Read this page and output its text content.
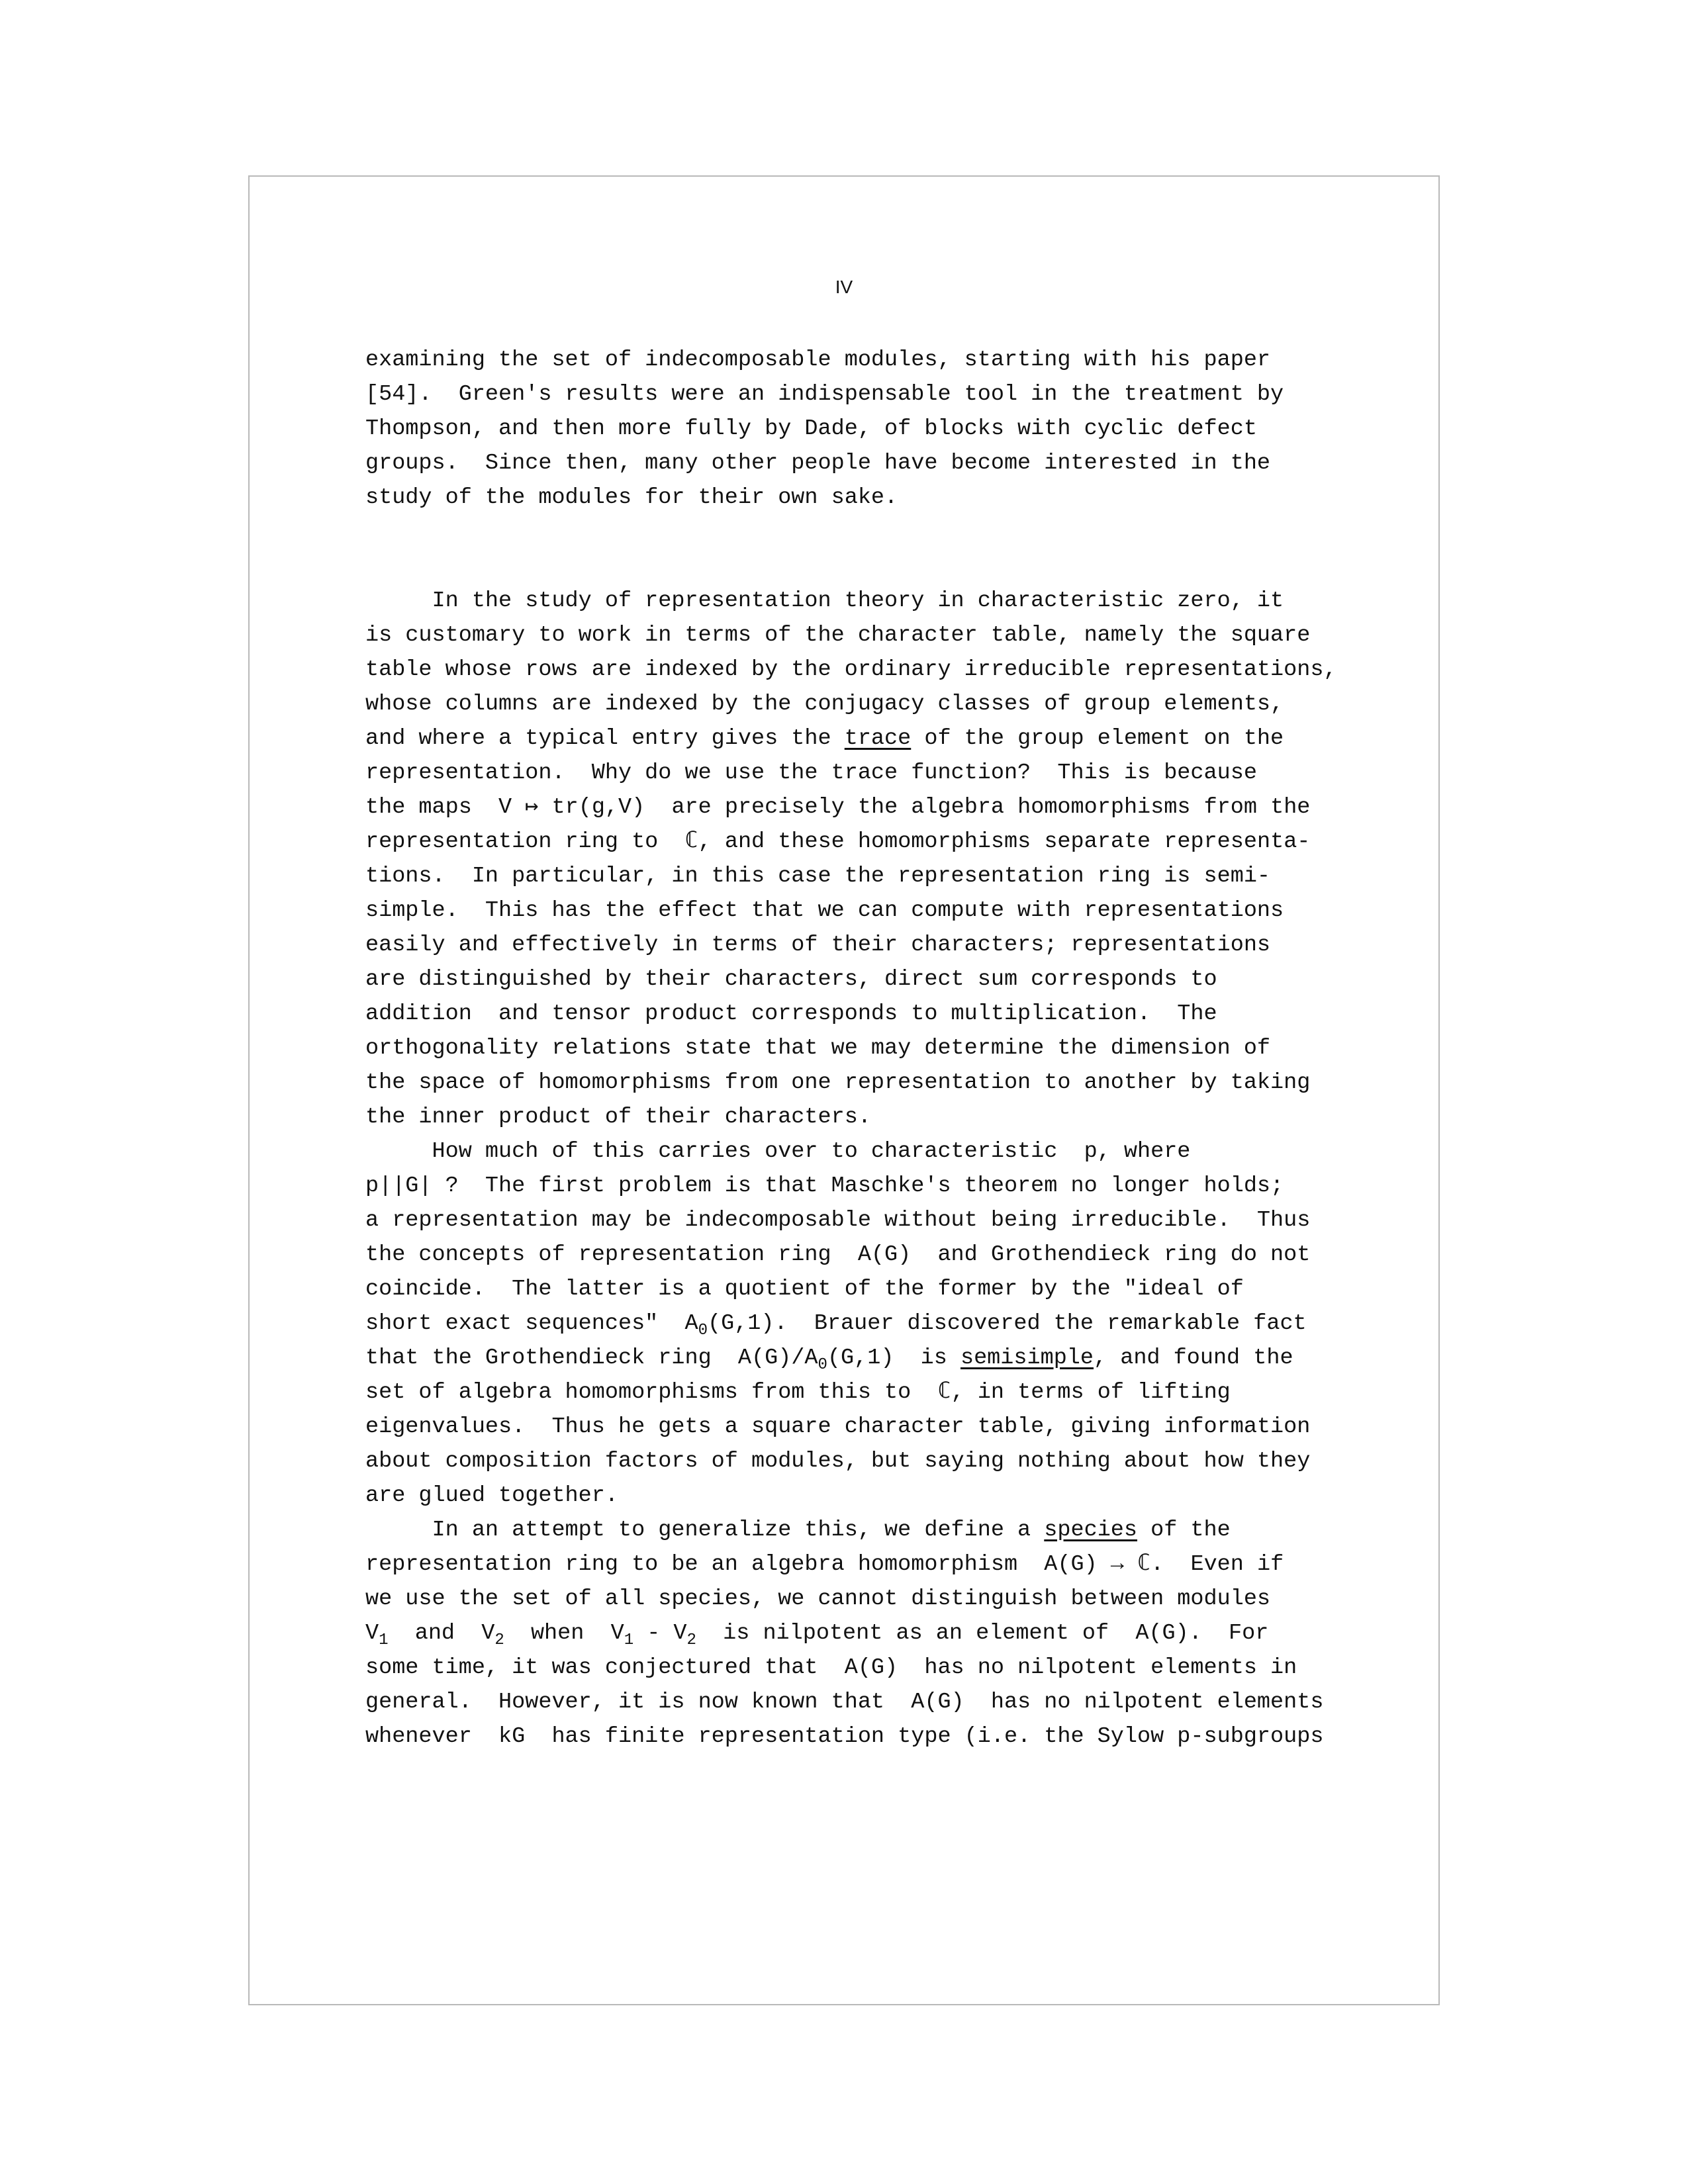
IV
examining the set of indecomposable modules, starting with his paper
[54].  Green's results were an indispensable tool in the treatment by
Thompson, and then more fully by Dade, of blocks with cyclic defect
groups.  Since then, many other people have become interested in the
study of the modules for their own sake.
In the study of representation theory in characteristic zero, it
is customary to work in terms of the character table, namely the square
table whose rows are indexed by the ordinary irreducible representations,
whose columns are indexed by the conjugacy classes of group elements,
and where a typical entry gives the trace of the group element on the
representation.  Why do we use the trace function?  This is because
the maps  V ↦ tr(g,V)  are precisely the algebra homomorphisms from the
representation ring to  ℂ, and these homomorphisms separate representa-
tions.  In particular, in this case the representation ring is semi-
simple.  This has the effect that we can compute with representations
easily and effectively in terms of their characters; representations
are distinguished by their characters, direct sum corresponds to
addition  and tensor product corresponds to multiplication.  The
orthogonality relations state that we may determine the dimension of
the space of homomorphisms from one representation to another by taking
the inner product of their characters.
How much of this carries over to characteristic  p, where
p||G| ?  The first problem is that Maschke's theorem no longer holds;
a representation may be indecomposable without being irreducible.  Thus
the concepts of representation ring  A(G)  and Grothendieck ring do not
coincide.  The latter is a quotient of the former by the "ideal of
short exact sequences"  $A_0(G,1)$.  Brauer discovered the remarkable fact
that the Grothendieck ring  $A(G)/A_0(G,1)$  is semisimple, and found the
set of algebra homomorphisms from this to  ℂ, in terms of lifting
eigenvalues.  Thus he gets a square character table, giving information
about composition factors of modules, but saying nothing about how they
are glued together.
In an attempt to generalize this, we define a species of the
representation ring to be an algebra homomorphism  A(G) → ℂ.  Even if
we use the set of all species, we cannot distinguish between modules
$V_1$  and  $V_2$  when  $V_1 - V_2$  is nilpotent as an element of  A(G).  For
some time, it was conjectured that  A(G)  has no nilpotent elements in
general.  However, it is now known that  A(G)  has no nilpotent elements
whenever  kG  has finite representation type (i.e. the Sylow p-subgroups
